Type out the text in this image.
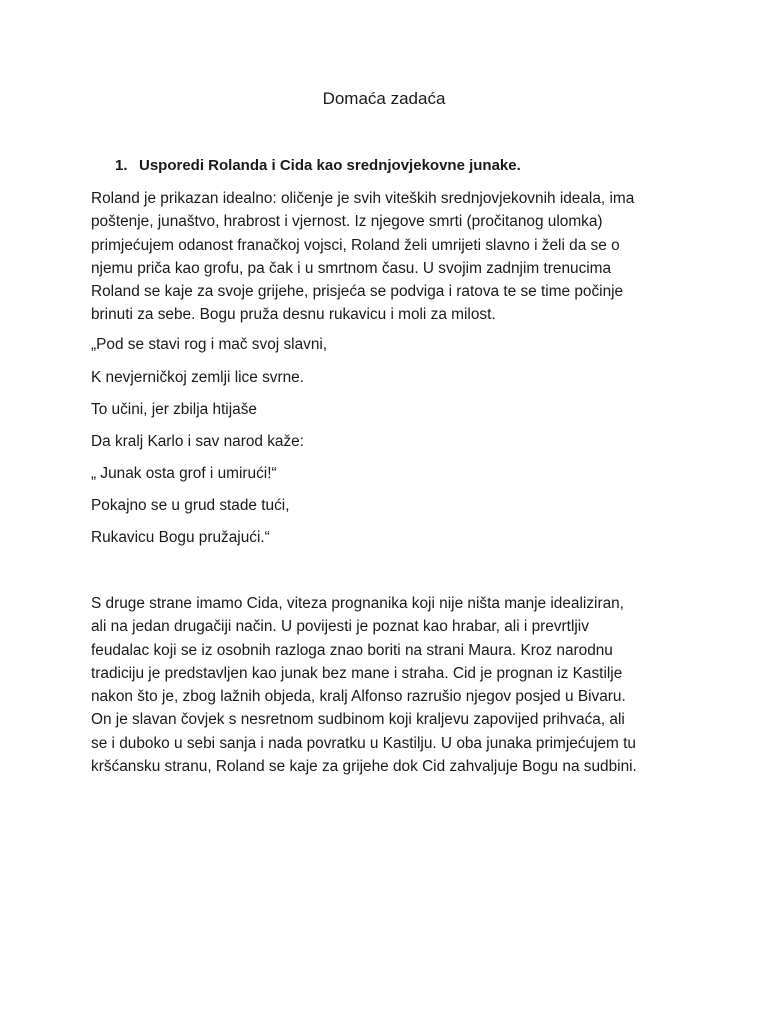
Domaća zadaća
1. Usporedi Rolanda i Cida kao srednjovjekovne junake.
Roland je prikazan idealno: oličenje je svih viteških srednjovjekovnih ideala, ima
poštenje, junaštvo, hrabrost i vjernost. Iz njegove smrti (pročitanog ulomka)
primjećujem odanost franačkoj vojsci, Roland želi umrijeti slavno i želi da se o
njemu priča kao grofu, pa čak i u smrtnom času. U svojim zadnjim trenucima
Roland se kaje za svoje grijehe, prisjeća se podviga i ratova te se time počinje
brinuti za sebe. Bogu pruža desnu rukavicu i moli za milost.
„Pod se stavi rog i mač svoj slavni,
K nevjerničkoj zemlji lice svrne.
To učini, jer zbilja htijaše
Da kralj Karlo i sav narod kaže:
„ Junak osta grof i umirući!“
Pokajno se u grud stade tući,
Rukavicu Bogu pružajući.“
S druge strane imamo Cida, viteza prognanika koji nije ništa manje idealiziran,
ali na jedan drugačiji način. U povijesti je poznat kao hrabar, ali i prevrtljiv
feudalac koji se iz osobnih razloga znao boriti na strani Maura. Kroz narodnu
tradiciju je predstavljen kao junak bez mane i straha. Cid je prognan iz Kastilje
nakon što je, zbog lažnih objeda, kralj Alfonso razrušio njegov posjed u Bivaru.
On je slavan čovjek s nesretnom sudbinom koji kraljevu zapovijed prihvaća, ali
se i duboko u sebi sanja i nada povratku u Kastilju. U oba junaka primjećujem tu
kršćansku stranu, Roland se kaje za grijehe dok Cid zahvaljuje Bogu na sudbini.
